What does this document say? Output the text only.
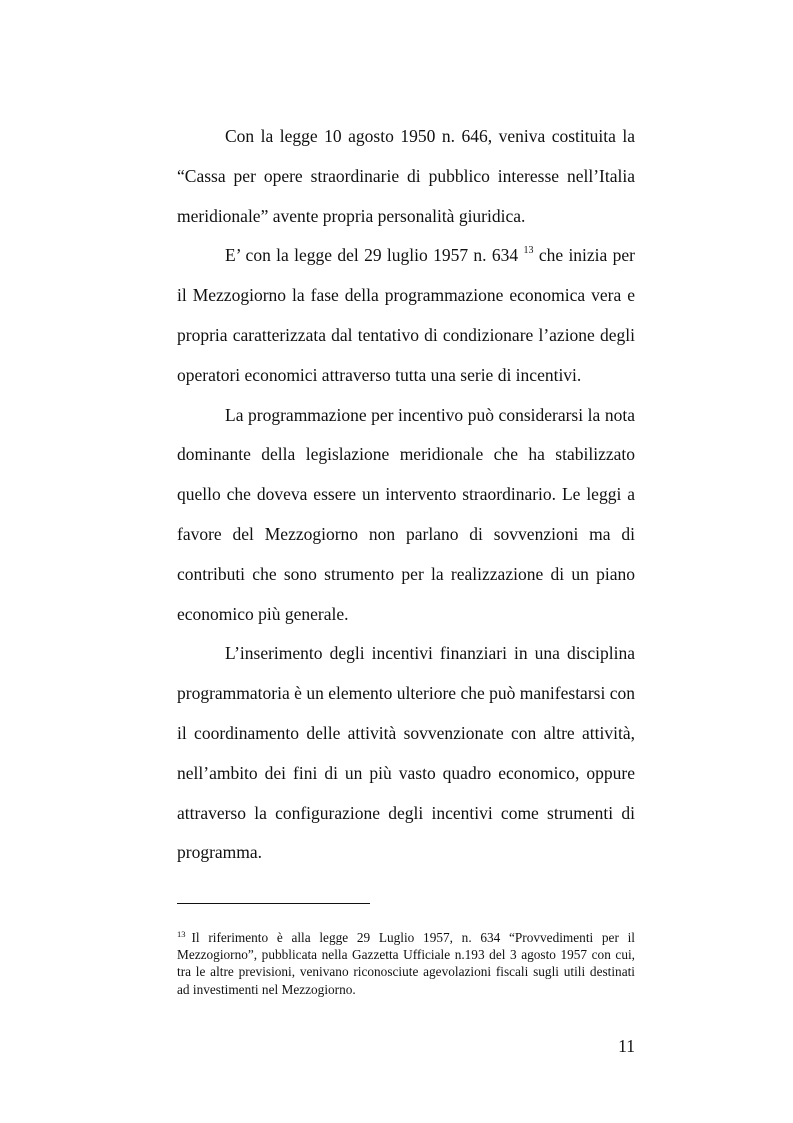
Con la legge 10 agosto 1950 n. 646, veniva costituita la “Cassa per opere straordinarie di pubblico interesse nell’Italia meridionale” avente propria personalità giuridica.

E’ con la legge del 29 luglio 1957 n. 634 $^{13}$ che inizia per il Mezzogiorno la fase della programmazione economica vera e propria caratterizzata dal tentativo di condizionare l’azione degli operatori economici attraverso tutta una serie di incentivi.

La programmazione per incentivo può considerarsi la nota dominante della legislazione meridionale che ha stabilizzato quello che doveva essere un intervento straordinario. Le leggi a favore del Mezzogiorno non parlano di sovvenzioni ma di contributi che sono strumento per la realizzazione di un piano economico più generale.

L’inserimento degli incentivi finanziari in una disciplina programmatoria è un elemento ulteriore che può manifestarsi con il coordinamento delle attività sovvenzionate con altre attività, nell’ambito dei fini di un più vasto quadro economico, oppure attraverso la configurazione degli incentivi come strumenti di programma.

$^{13}$ Il riferimento è alla legge 29 Luglio 1957, n. 634 “Provvedimenti per il Mezzogiorno”, pubblicata nella Gazzetta Ufficiale n.193 del 3 agosto 1957 con cui, tra le altre previsioni, venivano riconosciute agevolazioni fiscali sugli utili destinati ad investimenti nel Mezzogiorno.
11
